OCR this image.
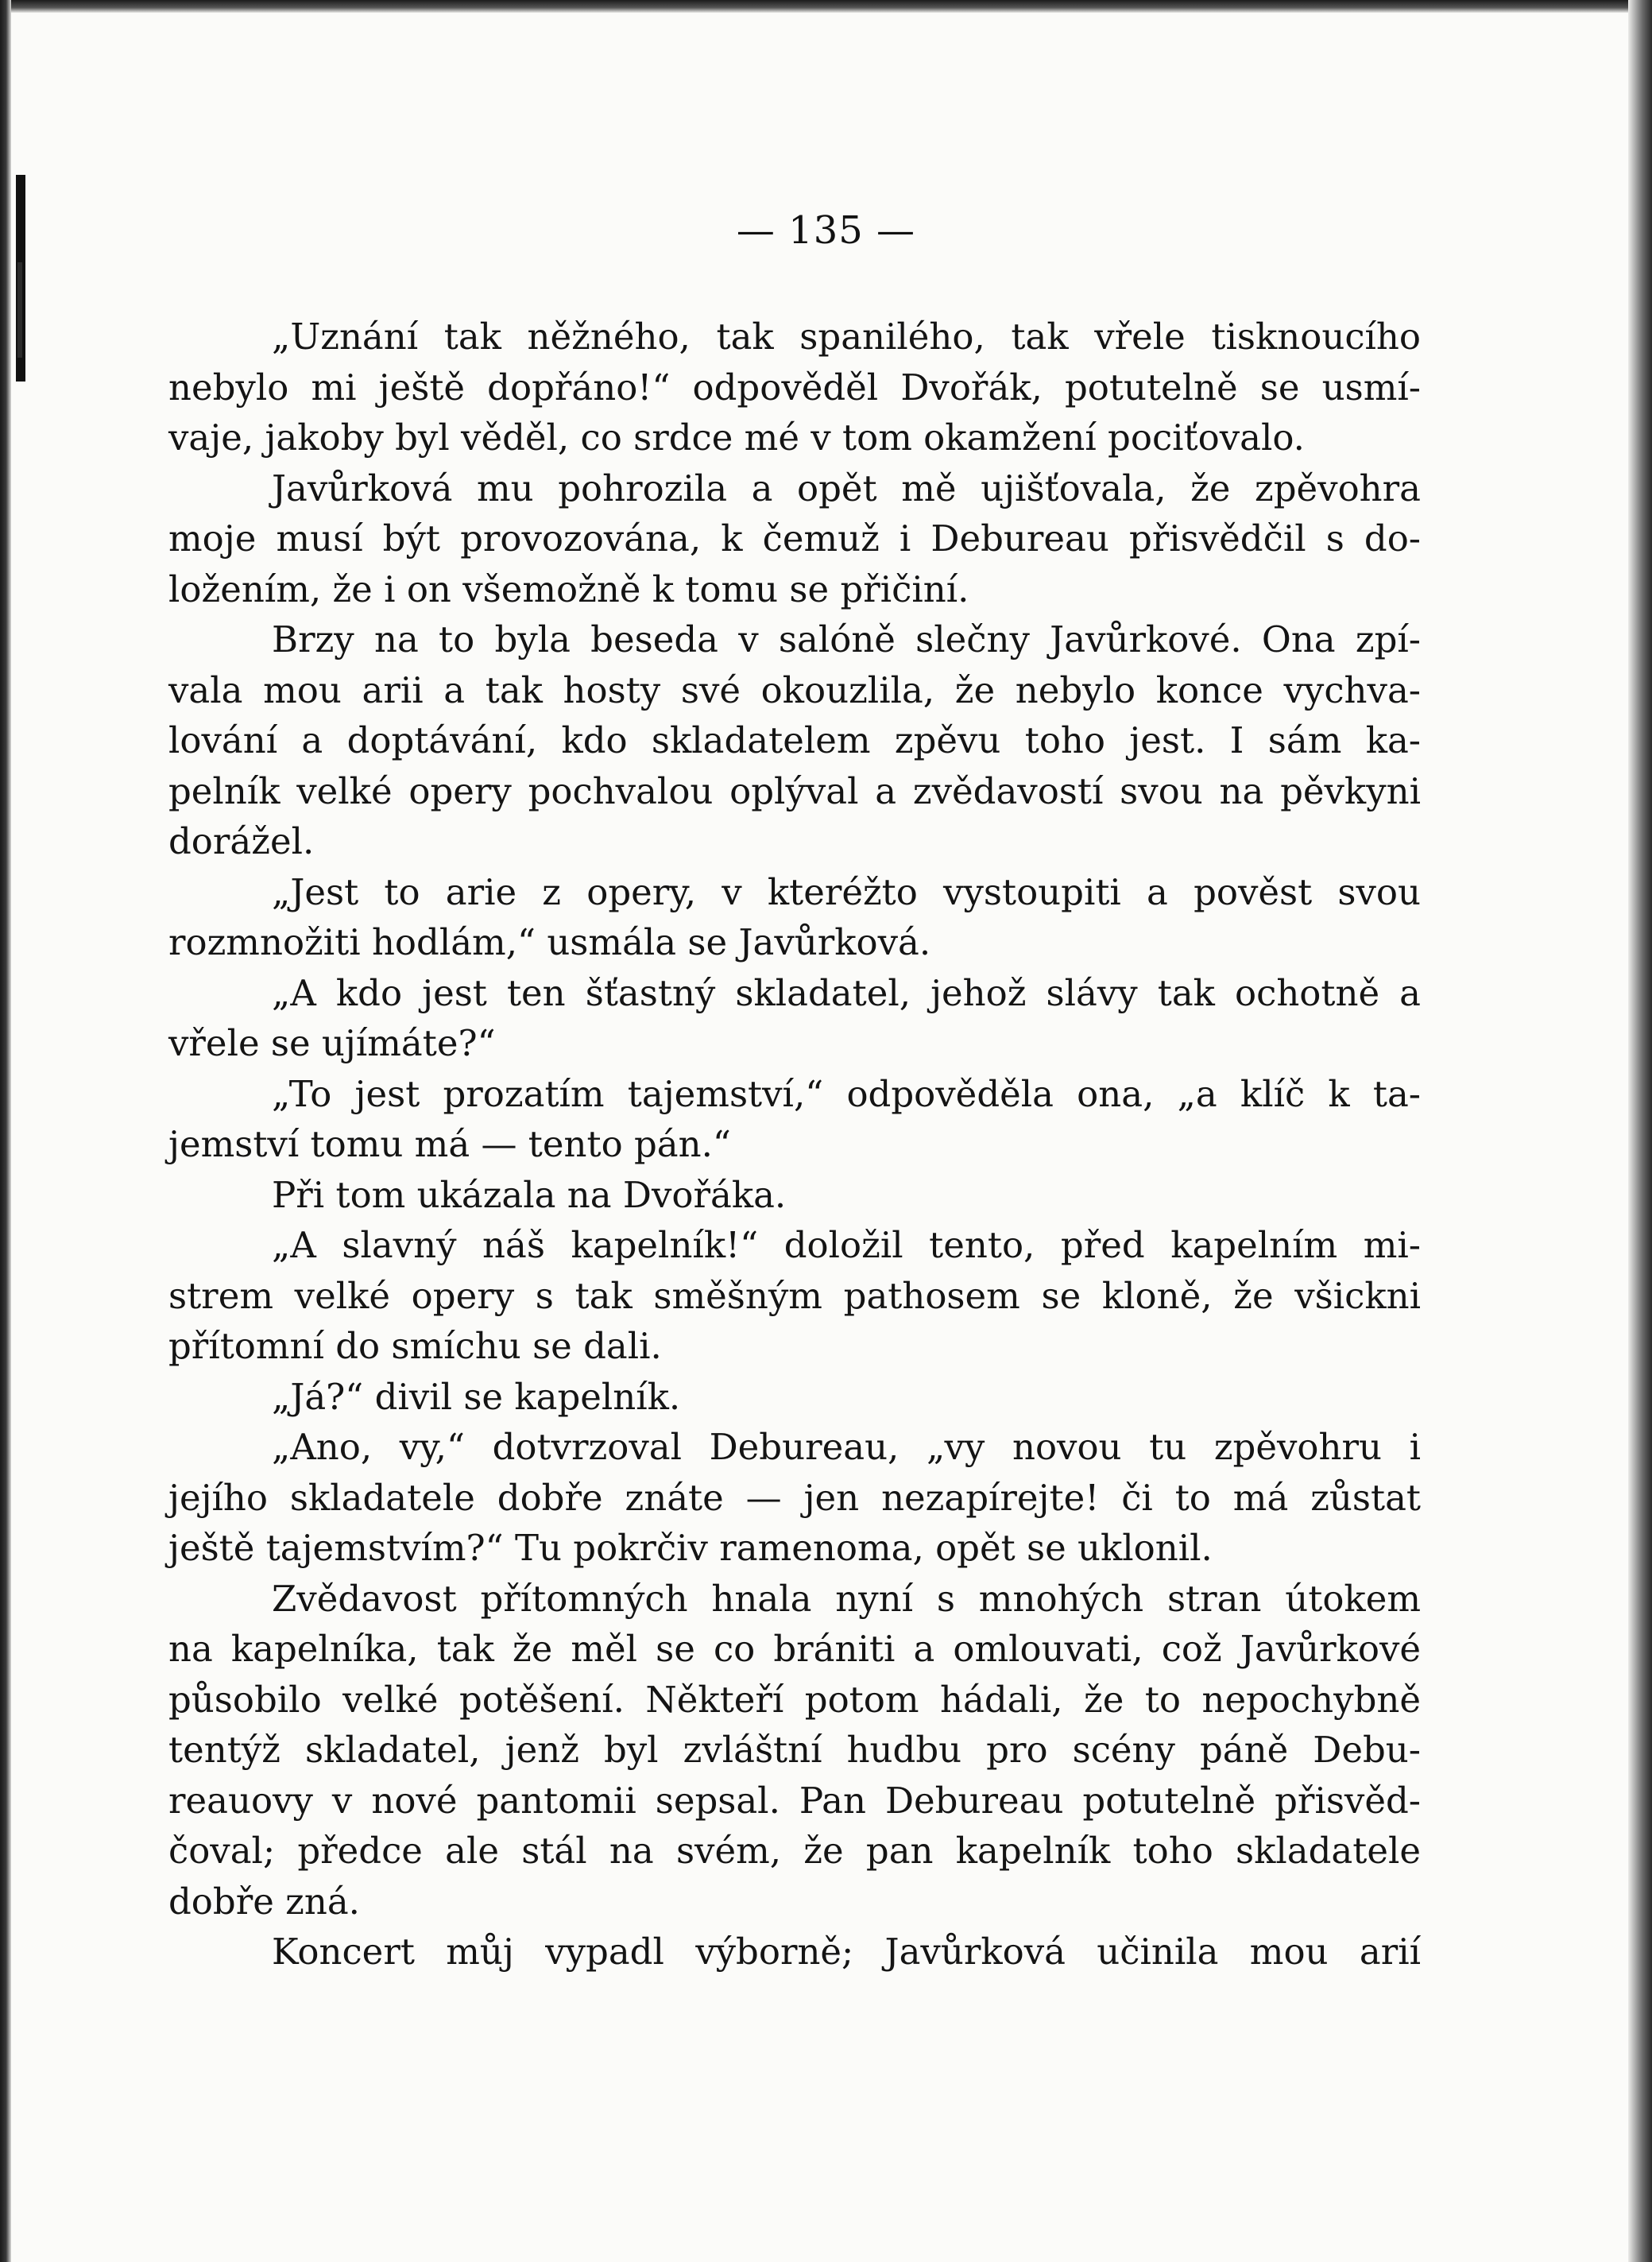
— 135 —
„Uznání tak něžného, tak spanilého, tak vřele tisknoucího
nebylo mi ještě dopřáno!“ odpověděl Dvořák, potutelně se usmí-
vaje, jakoby byl věděl, co srdce mé v tom okamžení pociťovalo.
Javůrková mu pohrozila a opět mě ujišťovala, že zpěvohra
moje musí být provozována, k čemuž i Debureau přisvědčil s do-
ložením, že i on všemožně k tomu se přičiní.
Brzy na to byla beseda v salóně slečny Javůrkové. Ona zpí-
vala mou arii a tak hosty své okouzlila, že nebylo konce vychva-
lování a doptávání, kdo skladatelem zpěvu toho jest. I sám ka-
pelník velké opery pochvalou oplýval a zvědavostí svou na pěvkyni
dorážel.
„Jest to arie z opery, v kteréžto vystoupiti a pověst svou
rozmnožiti hodlám,“ usmála se Javůrková.
„A kdo jest ten šťastný skladatel, jehož slávy tak ochotně a
vřele se ujímáte?“
„To jest prozatím tajemství,“ odpověděla ona, „a klíč k ta-
jemství tomu má — tento pán.“
Při tom ukázala na Dvořáka.
„A slavný náš kapelník!“ doložil tento, před kapelním mi-
strem velké opery s tak směšným pathosem se kloně, že všickni
přítomní do smíchu se dali.
„Já?“ divil se kapelník.
„Ano, vy,“ dotvrzoval Debureau, „vy novou tu zpěvohru i
jejího skladatele dobře znáte — jen nezapírejte! či to má zůstat
ještě tajemstvím?“ Tu pokrčiv ramenoma, opět se uklonil.
Zvědavost přítomných hnala nyní s mnohých stran útokem
na kapelníka, tak že měl se co brániti a omlouvati, což Javůrkové
působilo velké potěšení. Někteří potom hádali, že to nepochybně
tentýž skladatel, jenž byl zvláštní hudbu pro scény páně Debu-
reauovy v nové pantomii sepsal. Pan Debureau potutelně přisvěd-
čoval; předce ale stál na svém, že pan kapelník toho skladatele
dobře zná.
Koncert můj vypadl výborně; Javůrková učinila mou arií
